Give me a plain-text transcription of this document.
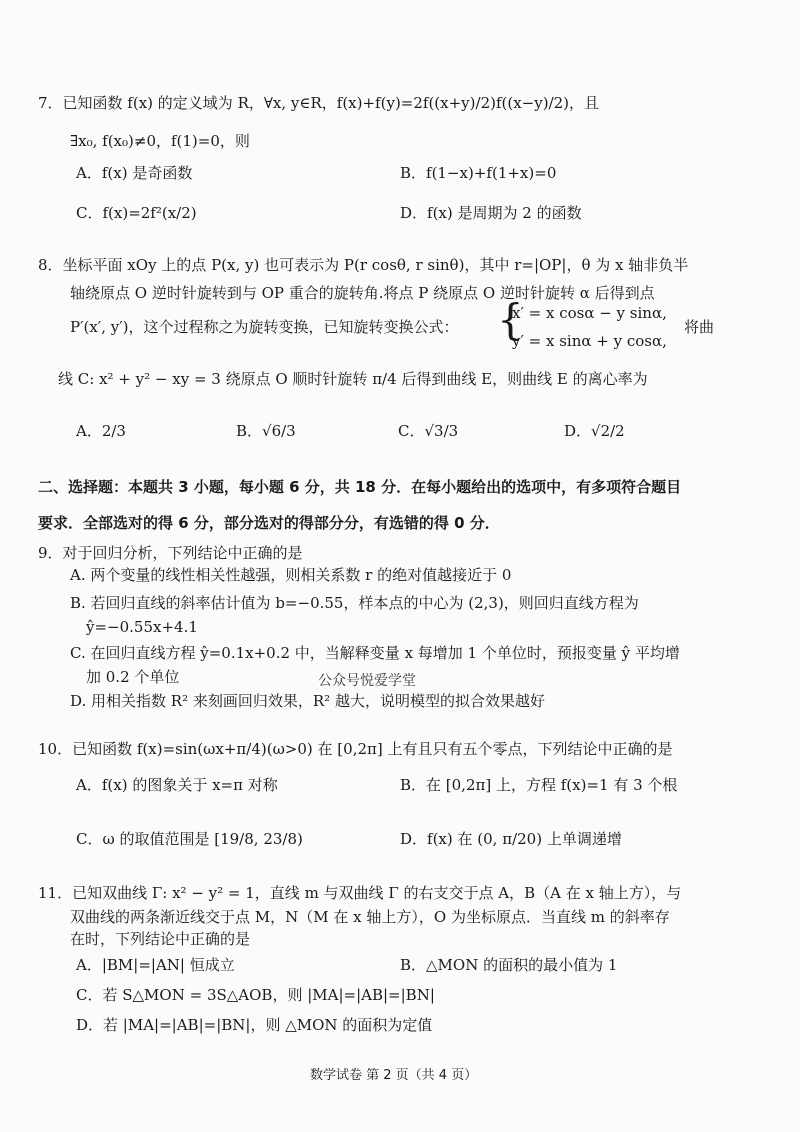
7．已知函数 f(x) 的定义域为 R，∀x, y∈R，f(x)+f(y)=2f((x+y)/2)f((x−y)/2)，且
∃x₀, f(x₀)≠0，f(1)=0，则
A．f(x) 是奇函数	B．f(1−x)+f(1+x)=0
C．f(x)=2f²(x/2)	D．f(x) 是周期为 2 的函数
8．坐标平面 xOy 上的点 P(x, y) 也可表示为 P(r cosθ, r sinθ)，其中 r=|OP|，θ 为 x 轴非负半
轴绕原点 O 逆时针旋转到与 OP 重合的旋转角.将点 P 绕原点 O 逆时针旋转 α 后得到点
P′(x′, y′)，这个过程称之为旋转变换，已知旋转变换公式： {
x′ = x cosα − y sinα,
y′ = x sinα + y cosα,
将曲
线 C: x² + y² − xy = 3 绕原点 O 顺时针旋转 π/4 后得到曲线 E，则曲线 E 的离心率为
A．2/3	B．√6/3	C．√3/3	D．√2/2
二、选择题：本题共 3 小题，每小题 6 分，共 18 分．在每小题给出的选项中，有多项符合题目
要求．全部选对的得 6 分，部分选对的得部分分，有选错的得 0 分．
9．对于回归分析，下列结论中正确的是
A. 两个变量的线性相关性越强，则相关系数 r 的绝对值越接近于 0
B. 若回归直线的斜率估计值为 b=−0.55，样本点的中心为 (2,3)，则回归直线方程为
ŷ=−0.55x+4.1
C. 在回归直线方程 ŷ=0.1x+0.2 中，当解释变量 x 每增加 1 个单位时，预报变量 ŷ 平均增
加 0.2 个单位	公众号悦爱学堂
D. 用相关指数 R² 来刻画回归效果，R² 越大，说明模型的拟合效果越好
10．已知函数 f(x)=sin(ωx+π/4)(ω>0) 在 [0,2π] 上有且只有五个零点，下列结论中正确的是
A．f(x) 的图象关于 x=π 对称	B．在 [0,2π] 上，方程 f(x)=1 有 3 个根
C．ω 的取值范围是 [19/8, 23/8)	D．f(x) 在 (0, π/20) 上单调递增
11．已知双曲线 Γ: x² − y² = 1，直线 m 与双曲线 Γ 的右支交于点 A，B（A 在 x 轴上方），与
双曲线的两条渐近线交于点 M，N（M 在 x 轴上方），O 为坐标原点．当直线 m 的斜率存
在时，下列结论中正确的是
A．|BM|=|AN| 恒成立	B．△MON 的面积的最小值为 1
C．若 S△MON = 3S△AOB，则 |MA|=|AB|=|BN|
D．若 |MA|=|AB|=|BN|，则 △MON 的面积为定值
数学试卷 第 2 页（共 4 页）
